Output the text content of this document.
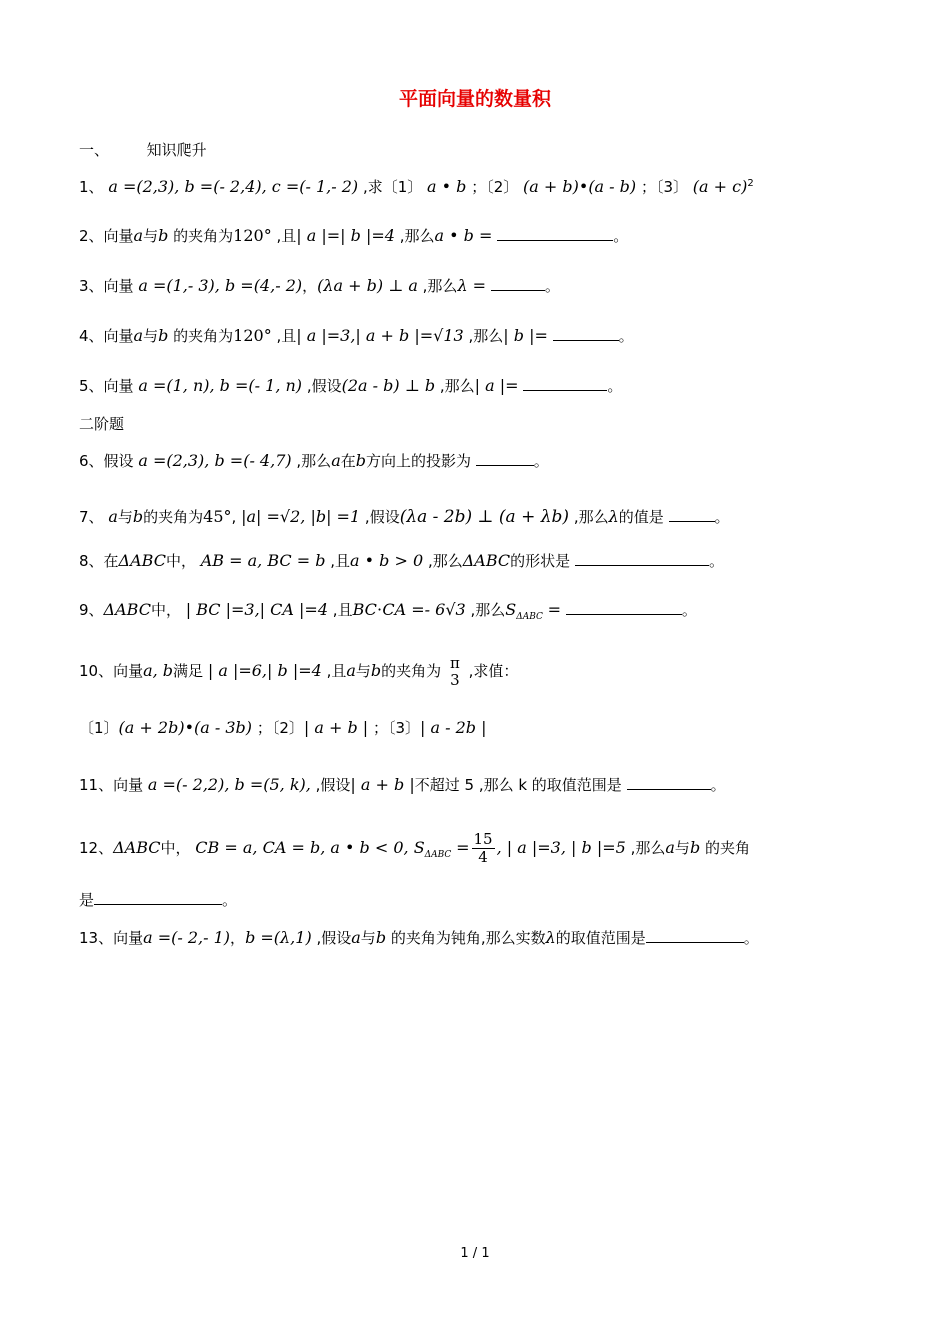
平面向量的数量积
一、	知识爬升
1、 a =(2,3), b =(- 2,4), c =(- 1,- 2) ,求〔1〕 a • b ；〔2〕 (a + b)•(a - b) ；〔3〕 $(a + c)^2$
2、向量a与b 的夹角为120° ,且| a |=| b |=4 ,那么a • b =	。
3、向量 a =(1,- 3), b =(4,- 2)，(λa + b) ⊥ a ,那么λ =	。
4、向量a与b 的夹角为120° ,且| a |=3,| a + b |=√13 ,那么| b |=	。
5、向量 a =(1, n), b =(- 1, n) ,假设(2a - b) ⊥ b ,那么| a |=	。
二阶题
6、假设 a =(2,3), b =(- 4,7) ,那么a在b方向上的投影为	。
7、 a与b的夹角为45°, |a| =√2, |b| =1 ,假设(λa - 2b) ⊥ (a + λb) ,那么λ的值是	。
8、在ΔABC中， AB = a, BC = b ,且a • b > 0 ,那么ΔABC的形状是	。
9、ΔABC中， | BC |=3,| CA |=4 ,且BC⋅CA =- 6√3 ,那么$S_{\Delta ABC}$ =	。
10、向量a, b满足 | a |=6,| b |=4 ,且a与b的夹角为 π
3 ,求值：
〔1〕(a + 2b)•(a - 3b) ；〔2〕| a + b | ；〔3〕| a - 2b |
11、向量 a =(- 2,2), b =(5, k), ,假设| a + b |不超过 5 ,那么 k 的取值范围是	。
12、ΔABC中， CB = a, CA = b, a • b < 0, $S_{\Delta ABC} = \frac{15}{4}$ , | a |=3, | b |=5 ,那么a与b 的夹角
是	。
13、向量a =(- 2,- 1)，b =(λ,1) ,假设a与b 的夹角为钝角,那么实数λ的取值范围是	。
1 / 1
